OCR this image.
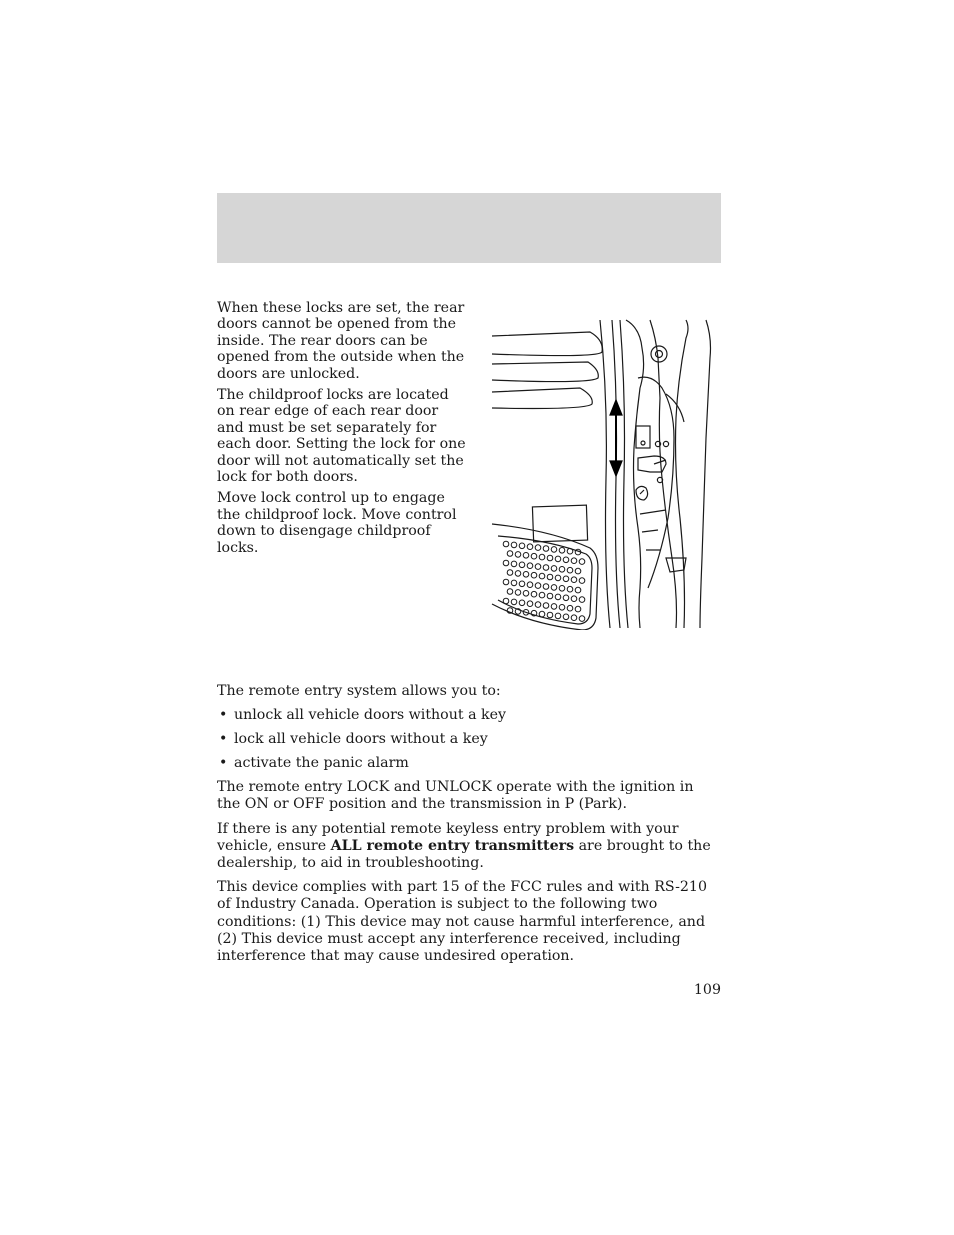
When these locks are set, the rear doors cannot be opened from the inside. The rear doors can be opened from the outside when the doors are unlocked.

The childproof locks are located on rear edge of each rear door and must be set separately for each door. Setting the lock for one door will not automatically set the lock for both doors.

Move lock control up to engage the childproof lock. Move control down to disengage childproof locks.

The remote entry system allows you to:

• unlock all vehicle doors without a key
• lock all vehicle doors without a key
• activate the panic alarm

The remote entry LOCK and UNLOCK operate with the ignition in the ON or OFF position and the transmission in P (Park).

If there is any potential remote keyless entry problem with your vehicle, ensure ALL remote entry transmitters are brought to the dealership, to aid in troubleshooting.

This device complies with part 15 of the FCC rules and with RS-210 of Industry Canada. Operation is subject to the following two conditions: (1) This device may not cause harmful interference, and (2) This device must accept any interference received, including interference that may cause undesired operation.

109
